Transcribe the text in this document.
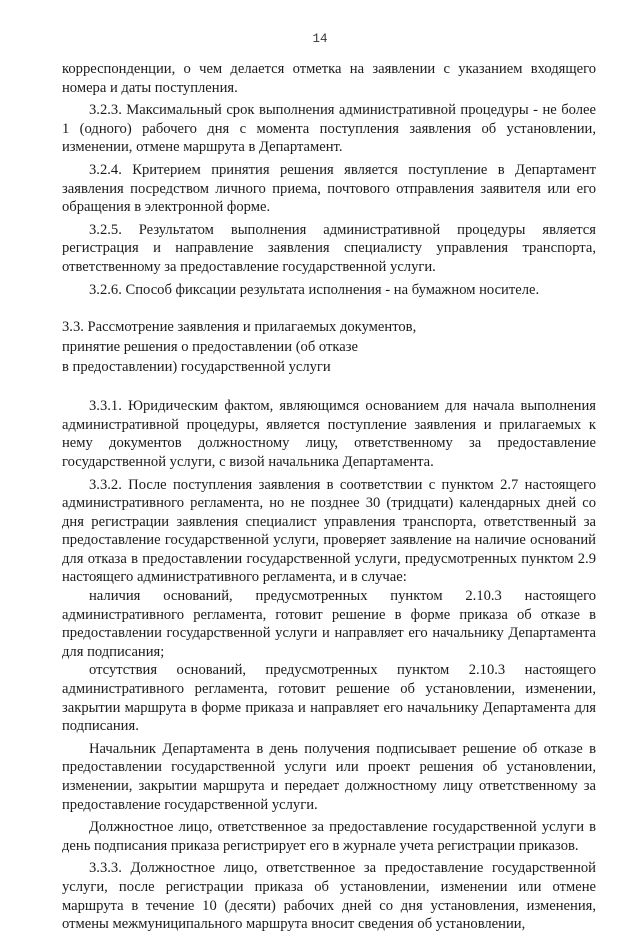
14

корреспонденции, о чем делается отметка на заявлении с указанием входящего номера и даты поступления.

3.2.3. Максимальный срок выполнения административной процедуры - не более 1 (одного) рабочего дня с момента поступления заявления об установлении, изменении, отмене маршрута в Департамент.

3.2.4. Критерием принятия решения является поступление в Департамент заявления посредством личного приема, почтового отправления заявителя или его обращения в электронной форме.

3.2.5. Результатом выполнения административной процедуры является регистрация и направление заявления специалисту управления транспорта, ответственному за предоставление государственной услуги.

3.2.6. Способ фиксации результата исполнения - на бумажном носителе.

3.3. Рассмотрение заявления и прилагаемых документов,
принятие решения о предоставлении (об отказе
в предоставлении) государственной услуги

3.3.1. Юридическим фактом, являющимся основанием для начала выполнения административной процедуры, является поступление заявления и прилагаемых к нему документов должностному лицу, ответственному за предоставление государственной услуги, с визой начальника Департамента.

3.3.2. После поступления заявления в соответствии с пунктом 2.7 настоящего административного регламента, но не позднее 30 (тридцати) календарных дней со дня регистрации заявления специалист управления транспорта, ответственный за предоставление государственной услуги, проверяет заявление на наличие оснований для отказа в предоставлении государственной услуги, предусмотренных пунктом 2.9 настоящего административного регламента, и в случае:

наличия оснований, предусмотренных пунктом 2.10.3 настоящего административного регламента, готовит решение в форме приказа об отказе в предоставлении государственной услуги и направляет его начальнику Департамента для подписания;

отсутствия оснований, предусмотренных пунктом 2.10.3 настоящего административного регламента, готовит решение об установлении, изменении, закрытии маршрута в форме приказа и направляет его начальнику Департамента для подписания.

Начальник Департамента в день получения подписывает решение об отказе в предоставлении государственной услуги или проект решения об установлении, изменении, закрытии маршрута и передает должностному лицу ответственному за предоставление государственной услуги.

Должностное лицо, ответственное за предоставление государственной услуги в день подписания приказа регистрирует его в журнале учета регистрации приказов.

3.3.3. Должностное лицо, ответственное за предоставление государственной услуги, после регистрации приказа об установлении, изменении или отмене маршрута в течение 10 (десяти) рабочих дней со дня установления, изменения, отмены межмуниципального маршрута вносит сведения об установлении,
